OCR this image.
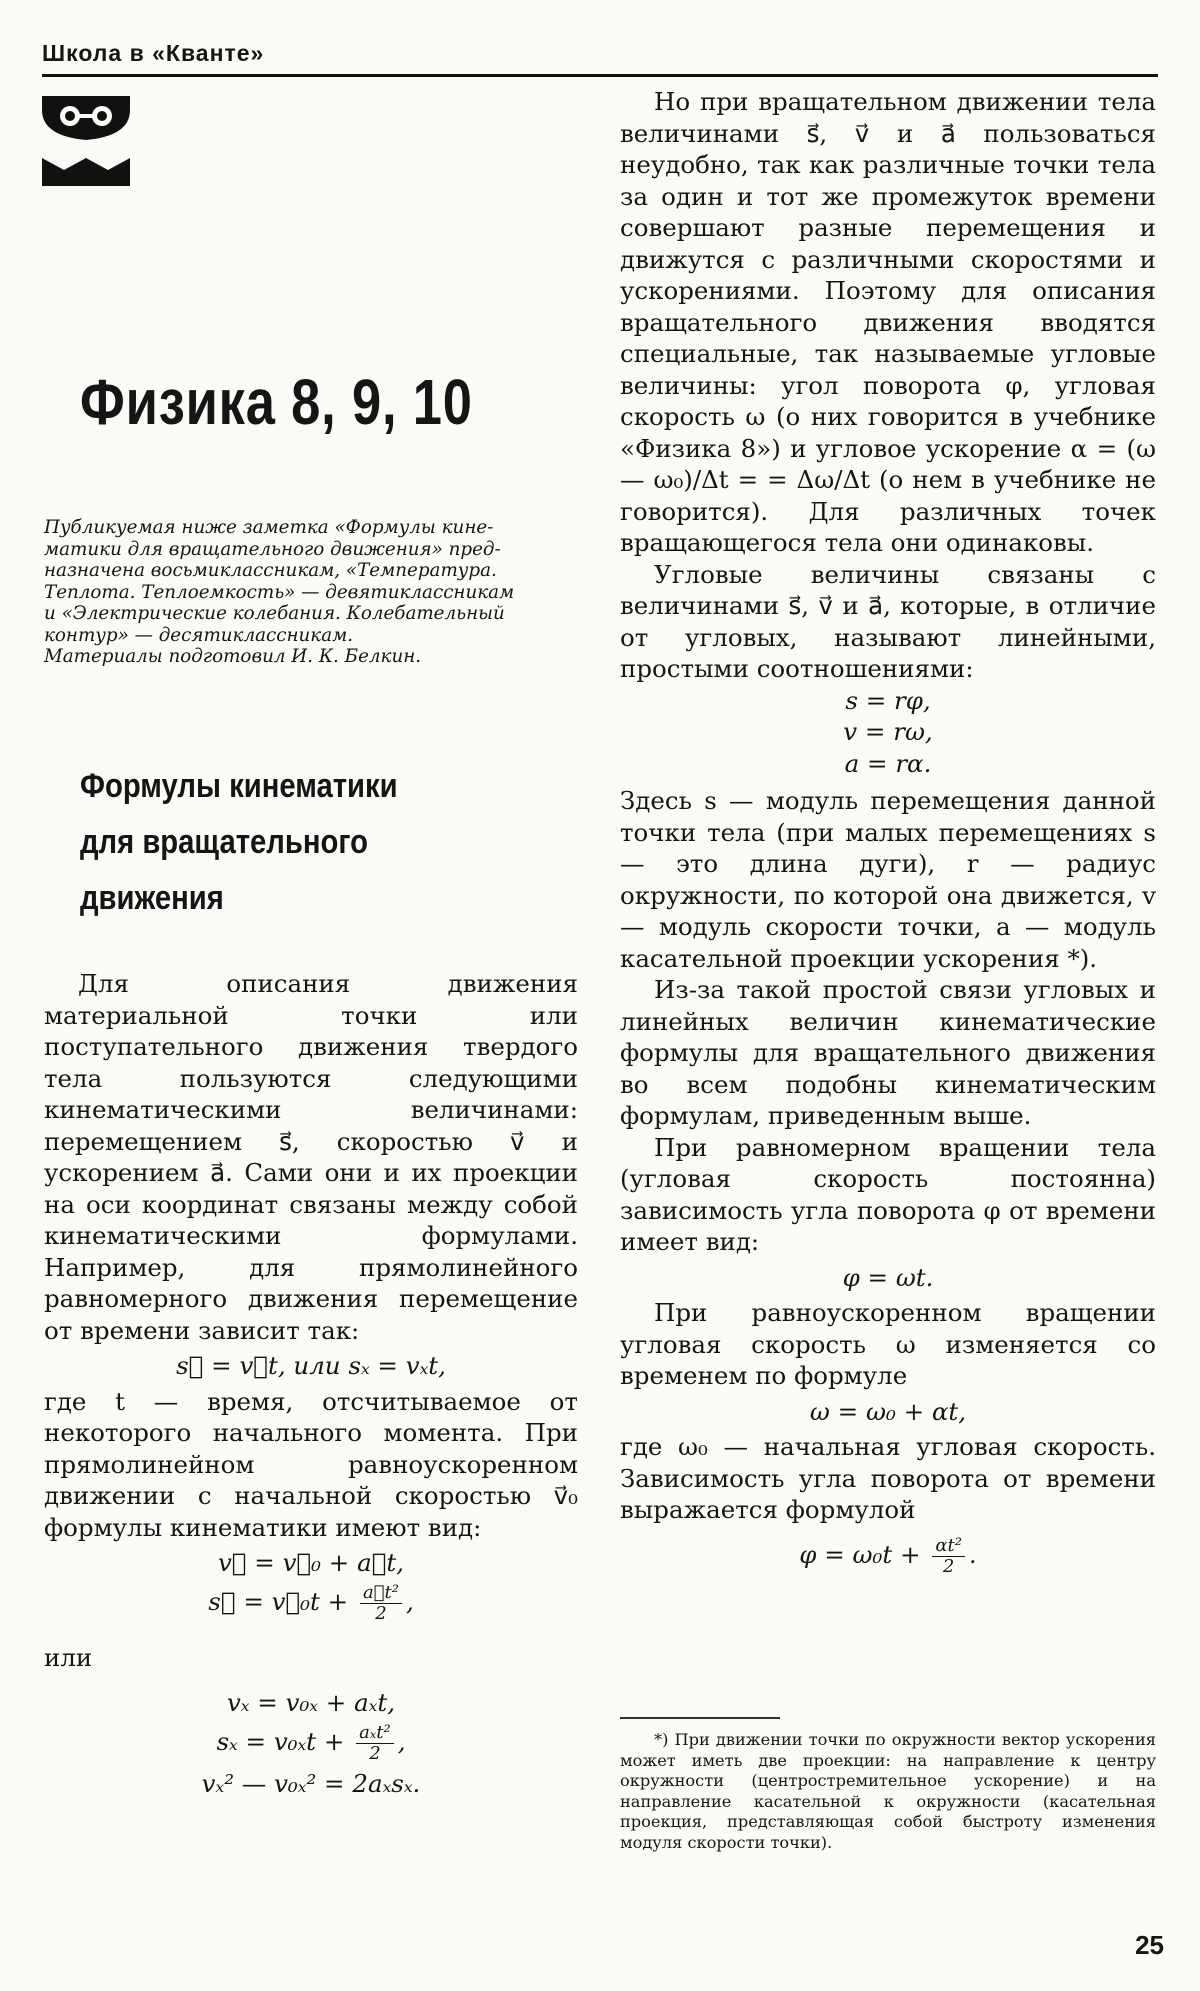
Школа в «Кванте»
Физика 8, 9, 10

Публикуемая ниже заметка «Формулы кине-

матики для вращательного движения» пред-

назначена восьмиклассникам, «Температура.

Теплота. Теплоемкость» — девятиклассникам

и «Электрические колебания. Колебательный

контур» — десятиклассникам.

Материалы подготовил И. К. Белкин.

Формулы кинематики
для вращательного
движения

Для описания движения материальной точки или поступательного движения твердого тела пользуются следующими кинематическими величинами: перемещением s⃗, скоростью v⃗ и ускорением a⃗. Сами они и их проекции на оси координат связаны между собой кинематическими формулами. Например, для прямолинейного равномерного движения перемещение от времени зависит так:

s⃗ = v⃗t, или sₓ = vₓt,

где t — время, отсчитываемое от некоторого начального момента. При прямолинейном равноускоренном движении с начальной скоростью v⃗₀ формулы кинематики имеют вид:

v⃗ = v⃗₀ + a⃗t,

s⃗ = v⃗₀t + $\frac{\text{a⃗t²}}{2}$ ,

или

vₓ = v₀ₓ + aₓt,

$s_x = v_{0x}t + \frac{\text{aₓt²}}{2}$ ,

vₓ² — v₀ₓ² = 2aₓsₓ.

Но при вращательном движении тела величинами s⃗, v⃗ и a⃗ пользоваться неудобно, так как различные точки тела за один и тот же промежуток времени совершают разные перемещения и движутся с различными скоростями и ускорениями. Поэтому для описания вращательного движения вводятся специальные, так называемые угловые величины: угол поворота φ, угловая скорость ω (о них говорится в учебнике «Физика 8») и угловое ускорение α = (ω — ω₀)/Δt = = Δω/Δt (о нем в учебнике не говорится). Для различных точек вращающегося тела они одинаковы.

Угловые величины связаны с величинами s⃗, v⃗ и a⃗, которые, в отличие от угловых, называют линейными, простыми соотношениями:

s = rφ,

v = rω,

a = rα.

Здесь s — модуль перемещения данной точки тела (при малых перемещениях s — это длина дуги), r — радиус окружности, по которой она движется, v — модуль скорости точки, a — модуль касательной проекции ускорения *).

Из-за такой простой связи угловых и линейных величин кинематические формулы для вращательного движения во всем подобны кинематическим формулам, приведенным выше.

При равномерном вращении тела (угловая скорость постоянна) зависимость угла поворота φ от времени имеет вид:

φ = ωt.

При равноускоренном вращении угловая скорость ω изменяется со временем по формуле

ω = ω₀ + αt,

где ω₀ — начальная угловая скорость. Зависимость угла поворота от времени выражается формулой

$\varphi = \omega_0t + \frac{\text{αt²}}{2}$ .

*) При движении точки по окружности вектор ускорения может иметь две проекции: на направление к центру окружности (центростремительное ускорение) и на направление касательной к окружности (касательная проекция, представляющая собой быстроту изменения модуля скорости точки).
25
